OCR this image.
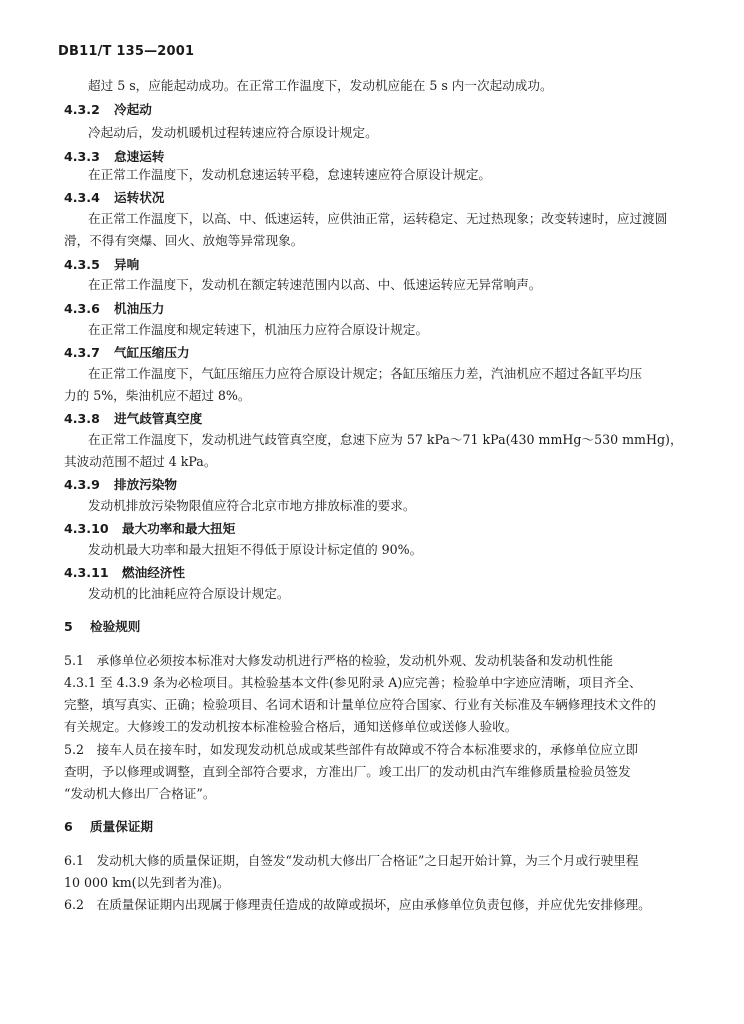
DB11/T 135—2001
超过 5 s，应能起动成功。在正常工作温度下，发动机应能在 5 s 内一次起动成功。
4.3.2 冷起动
冷起动后，发动机暖机过程转速应符合原设计规定。
4.3.3 怠速运转
在正常工作温度下，发动机怠速运转平稳，怠速转速应符合原设计规定。
4.3.4 运转状况
在正常工作温度下，以高、中、低速运转，应供油正常，运转稳定、无过热现象；改变转速时，应过渡圆
滑，不得有突爆、回火、放炮等异常现象。
4.3.5 异响
在正常工作温度下，发动机在额定转速范围内以高、中、低速运转应无异常响声。
4.3.6 机油压力
在正常工作温度和规定转速下，机油压力应符合原设计规定。
4.3.7 气缸压缩压力
在正常工作温度下，气缸压缩压力应符合原设计规定；各缸压缩压力差，汽油机应不超过各缸平均压
力的 5%，柴油机应不超过 8%。
4.3.8 进气歧管真空度
在正常工作温度下，发动机进气歧管真空度，怠速下应为 57 kPa～71 kPa(430 mmHg～530 mmHg)，
其波动范围不超过 4 kPa。
4.3.9 排放污染物
发动机排放污染物限值应符合北京市地方排放标准的要求。
4.3.10 最大功率和最大扭矩
发动机最大功率和最大扭矩不得低于原设计标定值的 90%。
4.3.11 燃油经济性
发动机的比油耗应符合原设计规定。
5 检验规则
5.1　承修单位必须按本标准对大修发动机进行严格的检验，发动机外观、发动机装备和发动机性能
4.3.1 至 4.3.9 条为必检项目。其检验基本文件(参见附录 A)应完善；检验单中字迹应清晰，项目齐全、
完整，填写真实、正确；检验项目、名词术语和计量单位应符合国家、行业有关标准及车辆修理技术文件的
有关规定。大修竣工的发动机按本标准检验合格后，通知送修单位或送修人验收。
5.2　接车人员在接车时，如发现发动机总成或某些部件有故障或不符合本标准要求的，承修单位应立即
查明，予以修理或调整，直到全部符合要求，方准出厂。竣工出厂的发动机由汽车维修质量检验员签发
“发动机大修出厂合格证”。
6 质量保证期
6.1　发动机大修的质量保证期，自签发“发动机大修出厂合格证”之日起开始计算，为三个月或行驶里程
10 000 km(以先到者为准)。
6.2　在质量保证期内出现属于修理责任造成的故障或损坏，应由承修单位负责包修，并应优先安排修理。
